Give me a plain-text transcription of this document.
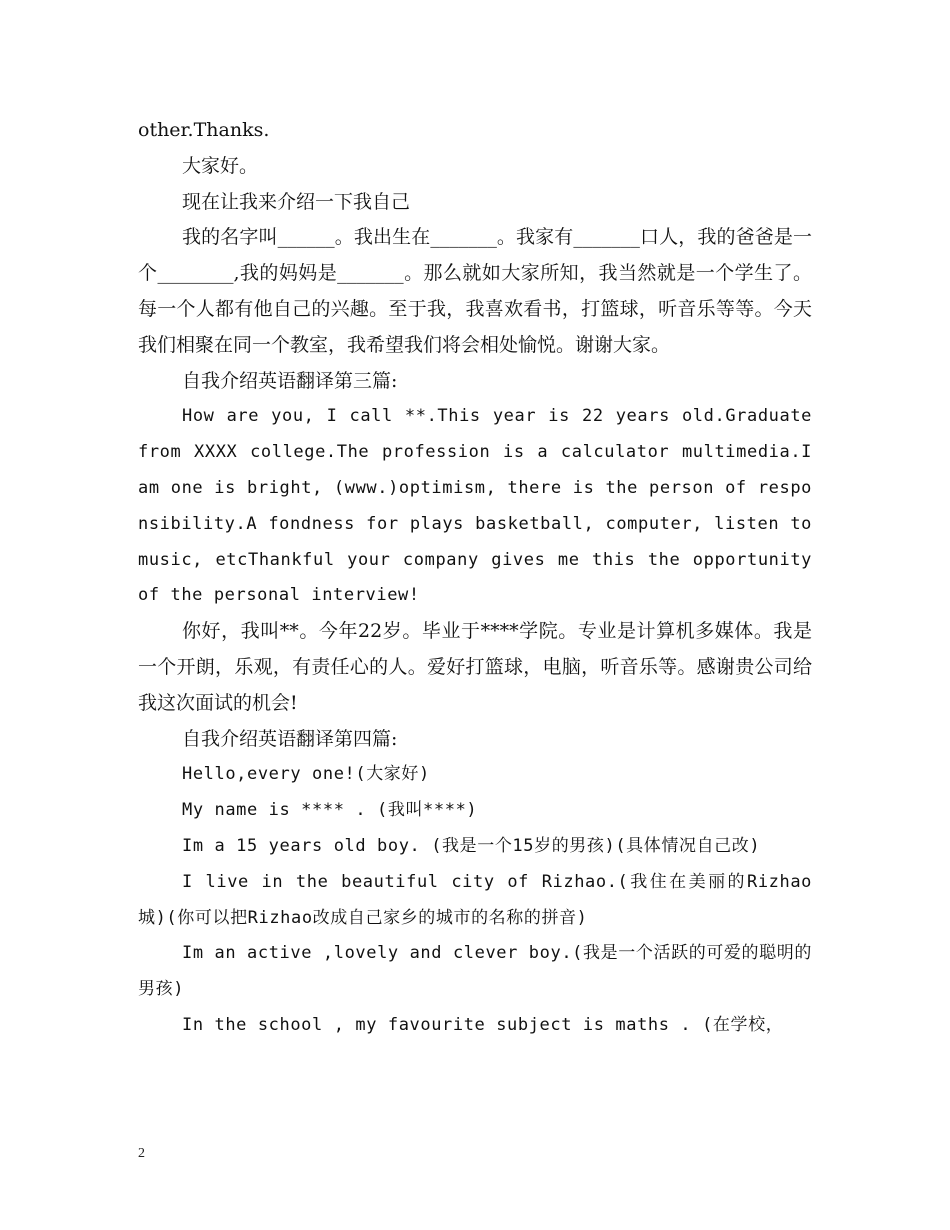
other.Thanks.

大家好。

现在让我来介绍一下我自己

我的名字叫______。我出生在_______。我家有_______口人，我的爸爸是一个________,我的妈妈是_______。那么就如大家所知，我当然就是一个学生了。每一个人都有他自己的兴趣。至于我，我喜欢看书，打篮球，听音乐等等。今天我们相聚在同一个教室，我希望我们将会相处愉悦。谢谢大家。

自我介绍英语翻译第三篇:

How are you, I call **.This year is 22 years old.Graduate from XXXX college.The profession is a calculator multimedia.I am one is bright, (www.)optimism, there is the person of responsibility.A fondness for plays basketball, computer, listen to music, etcThankful your company gives me this the opportunity of the personal interview!

你好，我叫**。今年22岁。毕业于****学院。专业是计算机多媒体。我是一个开朗，乐观，有责任心的人。爱好打篮球，电脑，听音乐等。感谢贵公司给我这次面试的机会!

自我介绍英语翻译第四篇:

Hello,every one!(大家好)

My name is **** . (我叫****)

Im a 15 years old boy. (我是一个15岁的男孩)(具体情况自己改)

I live in the beautiful city of Rizhao.(我住在美丽的Rizhao城)(你可以把Rizhao改成自己家乡的城市的名称的拼音)

Im an active ,lovely and clever boy.(我是一个活跃的可爱的聪明的男孩)

In the school , my favourite subject is maths . (在学校，

2
